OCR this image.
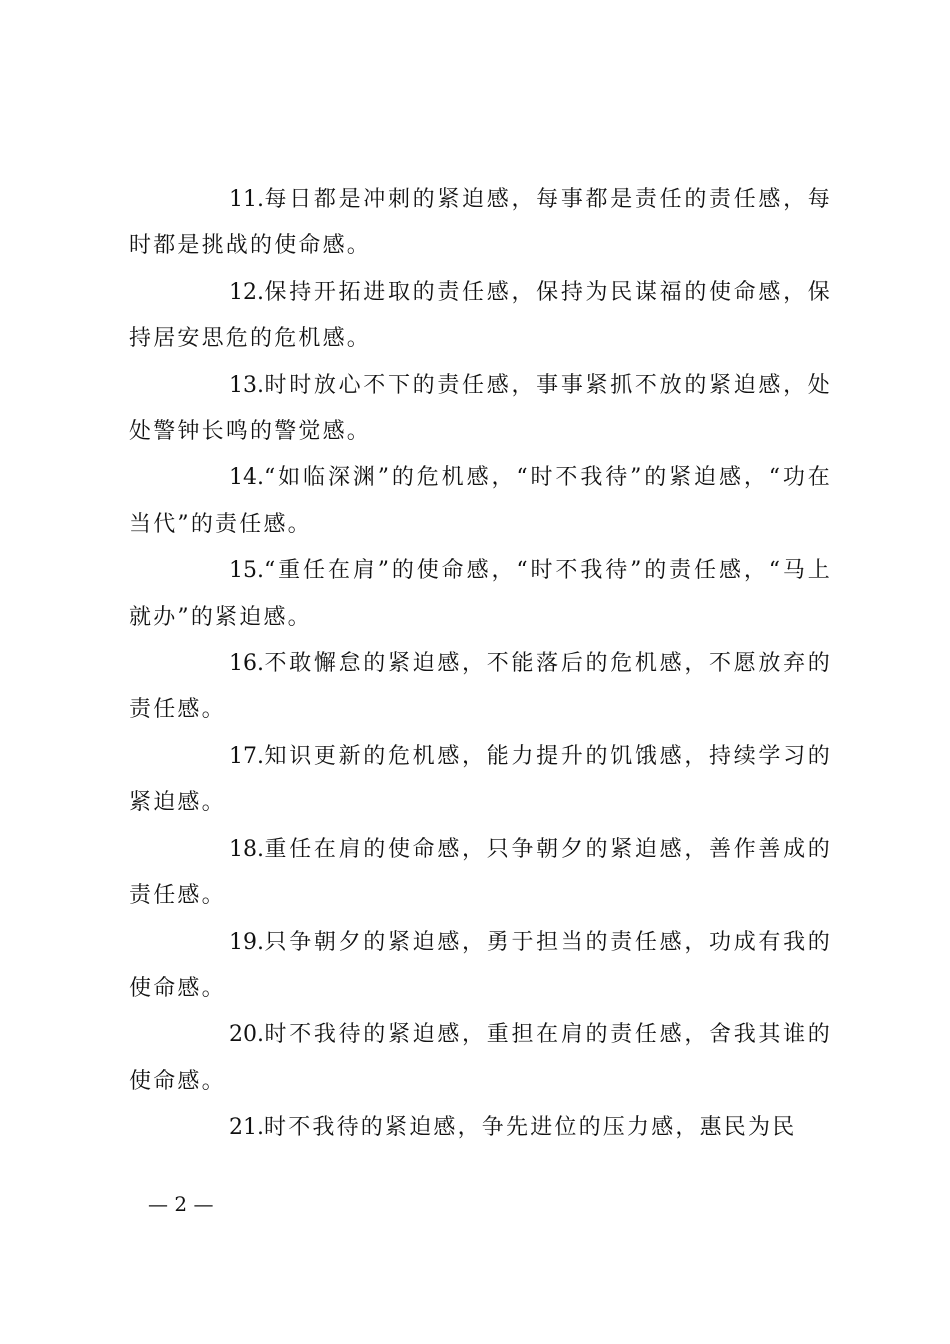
11.每日都是冲刺的紧迫感，每事都是责任的责任感，每时都是挑战的使命感。

12.保持开拓进取的责任感，保持为民谋福的使命感，保持居安思危的危机感。

13.时时放心不下的责任感，事事紧抓不放的紧迫感，处处警钟长鸣的警觉感。

14.“如临深渊”的危机感，“时不我待”的紧迫感，“功在当代”的责任感。

15.“重任在肩”的使命感，“时不我待”的责任感，“马上就办”的紧迫感。

16.不敢懈怠的紧迫感，不能落后的危机感，不愿放弃的责任感。

17.知识更新的危机感，能力提升的饥饿感，持续学习的紧迫感。

18.重任在肩的使命感，只争朝夕的紧迫感，善作善成的责任感。

19.只争朝夕的紧迫感，勇于担当的责任感，功成有我的使命感。

20.时不我待的紧迫感，重担在肩的责任感，舍我其谁的使命感。

21.时不我待的紧迫感，争先进位的压力感，惠民为民

— 2 —
